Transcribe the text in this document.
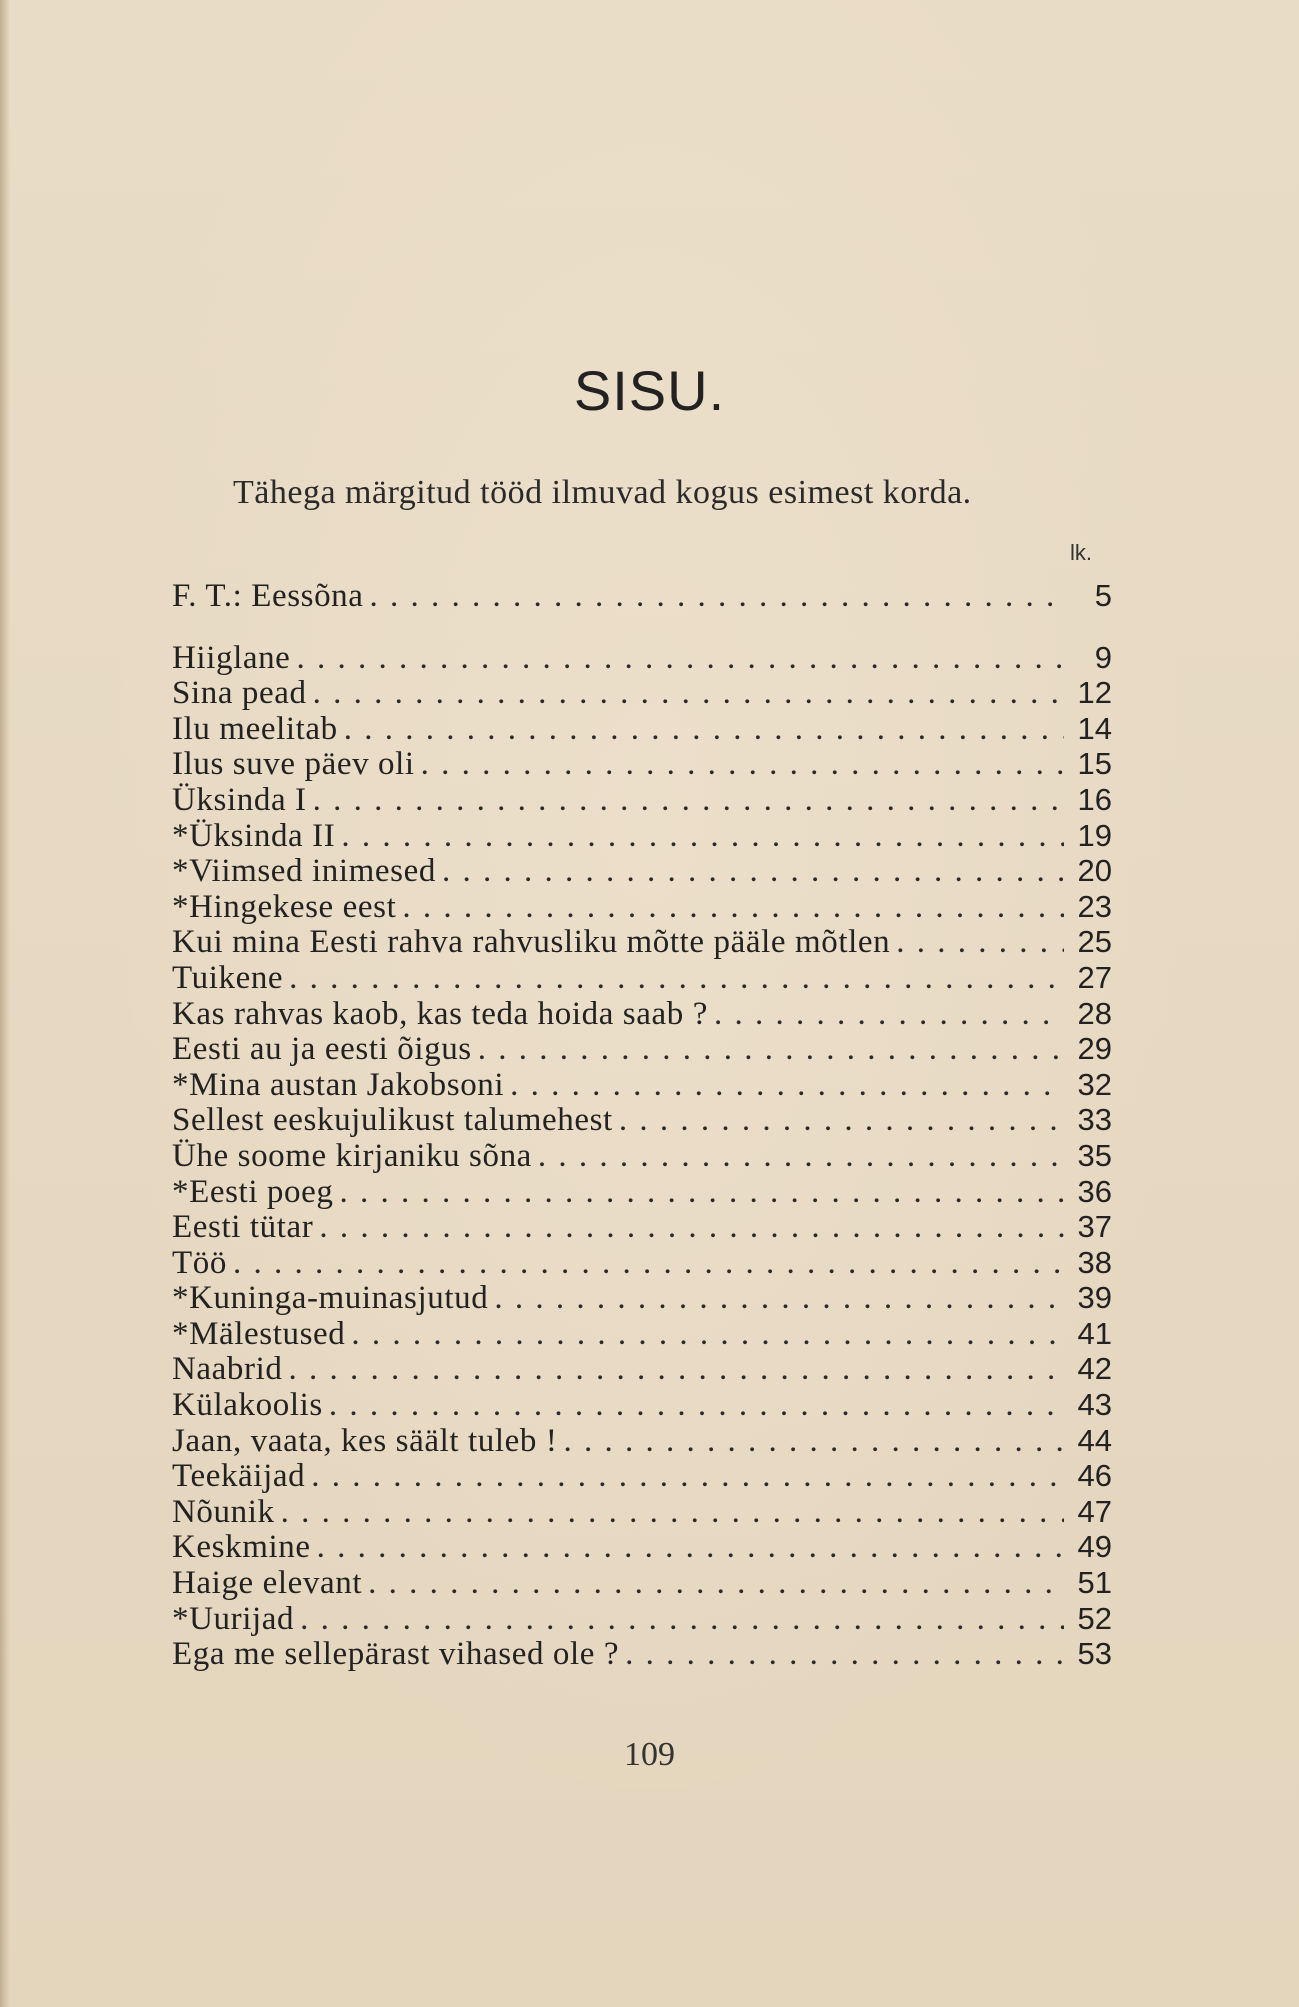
SISU.
Tähega märgitud tööd ilmuvad kogus esimest korda.
lk.
F. T.: Eessõna . . .	5
Hiiglane . . .	9
Sina pead . . .	12
Ilu meelitab . . .	14
Ilus suve päev oli . . .	15
Üksinda I . . .	16
*Üksinda II . . .	19
*Viimsed inimesed . . .	20
*Hingekese eest . . .	23
Kui mina Eesti rahva rahvusliku mõtte pääle mõtlen . . .	25
Tuikene . . .	27
Kas rahvas kaob, kas teda hoida saab ? . . .	28
Eesti au ja eesti õigus . . .	29
*Mina austan Jakobsoni . . .	32
Sellest eeskujulikust talumehest . . .	33
Ühe soome kirjaniku sõna . . .	35
*Eesti poeg . . .	36
Eesti tütar . . .	37
Töö . . .	38
*Kuninga-muinasjutud . . .	39
*Mälestused . . .	41
Naabrid . . .	42
Külakoolis . . .	43
Jaan, vaata, kes säält tuleb ! . . .	44
Teekäijad . . .	46
Nõunik . . .	47
Keskmine . . .	49
Haige elevant . . .	51
*Uurijad . . .	52
Ega me sellepärast vihased ole ? . . .	53
109
